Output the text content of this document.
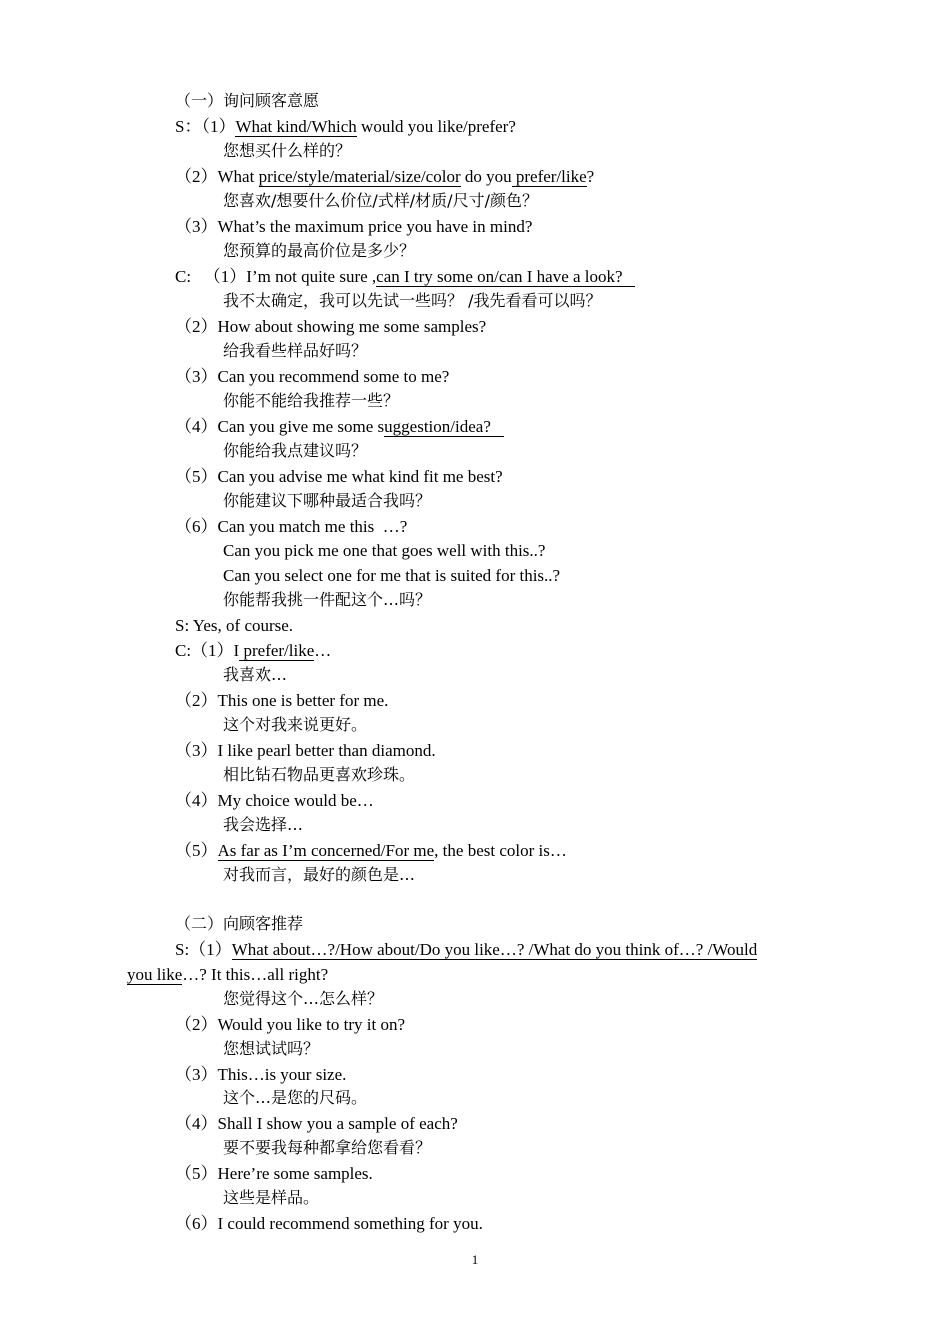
（一）询问顾客意愿
S：（1）What kind/Which would you like/prefer?
您想买什么样的？
（2）What price/style/material/size/color do you prefer/like?
您喜欢/想要什么价位/式样/材质/尺寸/颜色？
（3）What’s the maximum price you have in mind?
您预算的最高价位是多少？
C:   （1）I’m not quite sure ,can I try some on/can I have a look?
我不太确定，我可以先试一些吗？ /我先看看可以吗？
（2）How about showing me some samples?
给我看些样品好吗？
（3）Can you recommend some to me?
你能不能给我推荐一些？
（4）Can you give me some suggestion/idea?
你能给我点建议吗？
（5）Can you advise me what kind fit me best?
你能建议下哪种最适合我吗？
（6）Can you match me this  …?
Can you pick me one that goes well with this..?
Can you select one for me that is suited for this..?
你能帮我挑一件配这个…吗？
S: Yes, of course.
C:（1）I prefer/like…
我喜欢…
（2）This one is better for me.
这个对我来说更好。
（3）I like pearl better than diamond.
相比钻石物品更喜欢珍珠。
（4）My choice would be…
我会选择…
（5）As far as I’m concerned/For me, the best color is…
对我而言，最好的颜色是…
（二）向顾客推荐
S:（1）What about…?/How about/Do you like…? /What do you think of…? /Would
you like…? It this…all right?
您觉得这个…怎么样？
（2）Would you like to try it on?
您想试试吗？
（3）This…is your size.
这个…是您的尺码。
（4）Shall I show you a sample of each?
要不要我每种都拿给您看看？
（5）Here’re some samples.
这些是样品。
（6）I could recommend something for you.
1
